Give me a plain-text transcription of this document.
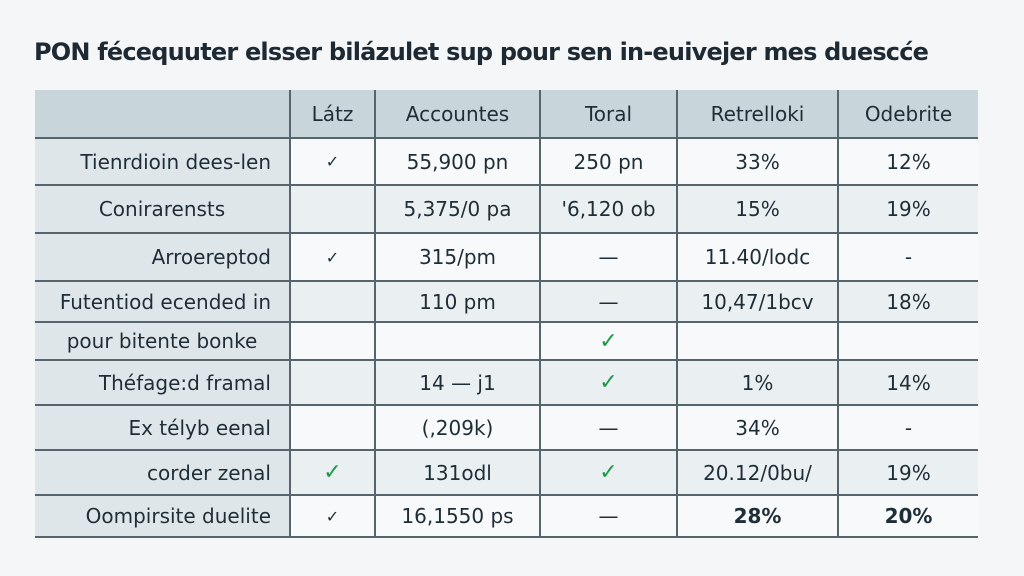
PON fécequuter elsser bilázulet sup pour sen in-euivejer mes duescće
	Látz	Accountes	Toral	Retrelloki	Odebrite
Tienrdioin dees-len	✓	55,900 pn	250 pn	33%	12%
Conirarensts		5,375/0 pa	'6,120 ob	15%	19%
Arroereptod	✓	315/pm	—	11.40/lodc	-
Futentiod ecended in		110 pm	—	10,47/1bcv	18%
pour bitente bonke			✓		
Théfage:d framal		14 — j1	✓	1%	14%
Ex télyb eenal		(,209k)	—	34%	-
corder zenal	✓	131odl	✓	20.12/0bu/	19%
Oompirsite duelite	✓	16,1550 ps	—	28%	20%
